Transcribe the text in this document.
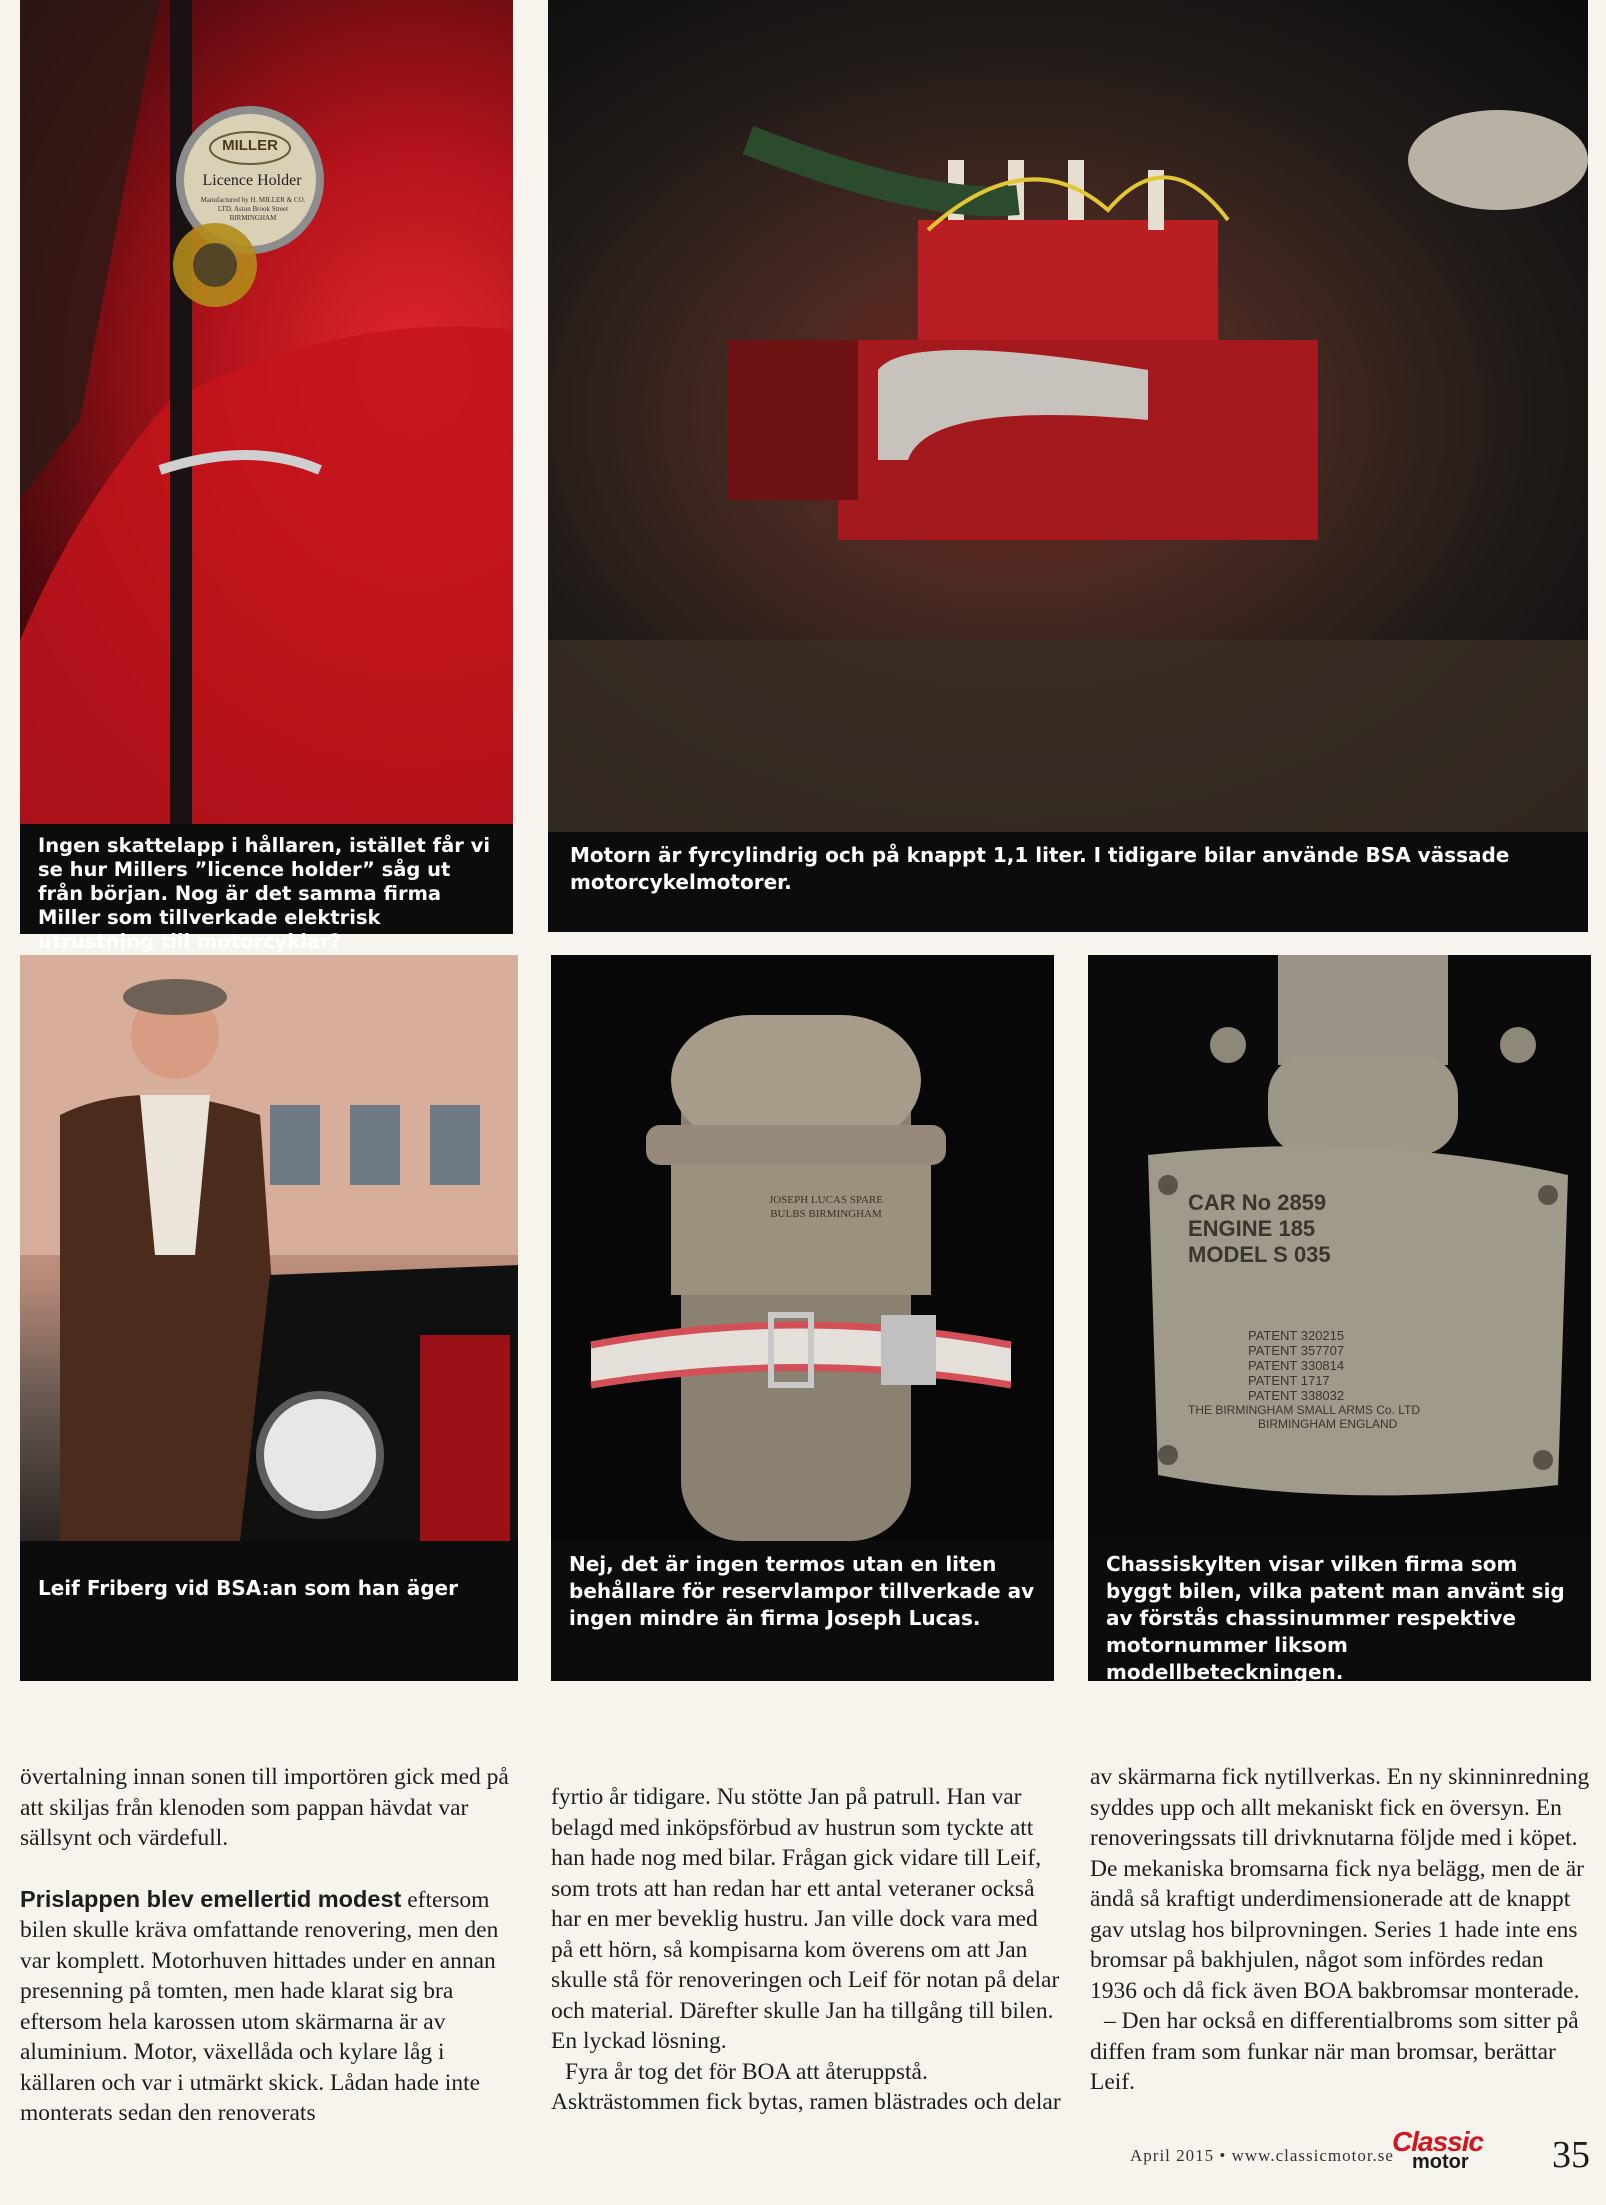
MILLER
Licence Holder
Manufactured by H. MILLER & CO. LTD. Aston Brook Street BIRMINGHAM
Ingen skattelapp i hållaren, istället får vi se hur Millers ”licence holder” såg ut från början. Nog är det samma firma Miller som tillverkade elektrisk utrustning till motorcyklar?
Motorn är fyrcylindrig och på knappt 1,1 liter. I tidigare bilar använde BSA vässade motorcykelmotorer.
Leif Friberg vid BSA:an som han äger
JOSEPH LUCAS SPARE BULBS BIRMINGHAM
Nej, det är ingen termos utan en liten behållare för reservlampor tillverkade av ingen mindre än firma Joseph Lucas.
CAR No 2859
ENGINE 185
MODEL S 035
PATENT 320215
PATENT 357707
PATENT 330814
PATENT 1717
PATENT 338032
THE BIRMINGHAM SMALL ARMS Co. LTD
BIRMINGHAM ENGLAND
Chassiskylten visar vilken firma som byggt bilen, vilka patent man använt sig av förstås chassinummer respektive motornummer liksom modellbeteckningen.

övertalning innan sonen till importören gick med på att skiljas från klenoden som pappan hävdat var sällsynt och värdefull.

Prislappen blev emellertid modest eftersom bilen skulle kräva omfattande renovering, men den var komplett. Motorhuven hittades under en annan presenning på tomten, men hade klarat sig bra eftersom hela karossen utom skärmarna är av aluminium. Motor, växellåda och kylare låg i källaren och var i utmärkt skick. Lådan hade inte monterats sedan den renoverats

fyrtio år tidigare. Nu stötte Jan på patrull. Han var belagd med inköpsförbud av hustrun som tyckte att han hade nog med bilar. Frågan gick vidare till Leif, som trots att han redan har ett antal veteraner också har en mer beveklig hustru. Jan ville dock vara med på ett hörn, så kompisarna kom överens om att Jan skulle stå för renoveringen och Leif för notan på delar och material. Därefter skulle Jan ha tillgång till bilen. En lyckad lösning.

Fyra år tog det för BOA att återuppstå. Askträstommen fick bytas, ramen blästrades och delar

av skärmarna fick nytillverkas. En ny skinninredning syddes upp och allt mekaniskt fick en översyn. En renoveringssats till drivknutarna följde med i köpet. De mekaniska bromsarna fick nya belägg, men de är ändå så kraftigt underdimensionerade att de knappt gav utslag hos bilprovningen. Series 1 hade inte ens bromsar på bakhjulen, något som infördes redan 1936 och då fick även BOA bakbromsar monterade.

– Den har också en differentialbroms som sitter på diffen fram som funkar när man bromsar, berättar Leif.

April 2015 • www.classicmotor.se
Classic
motor	35
